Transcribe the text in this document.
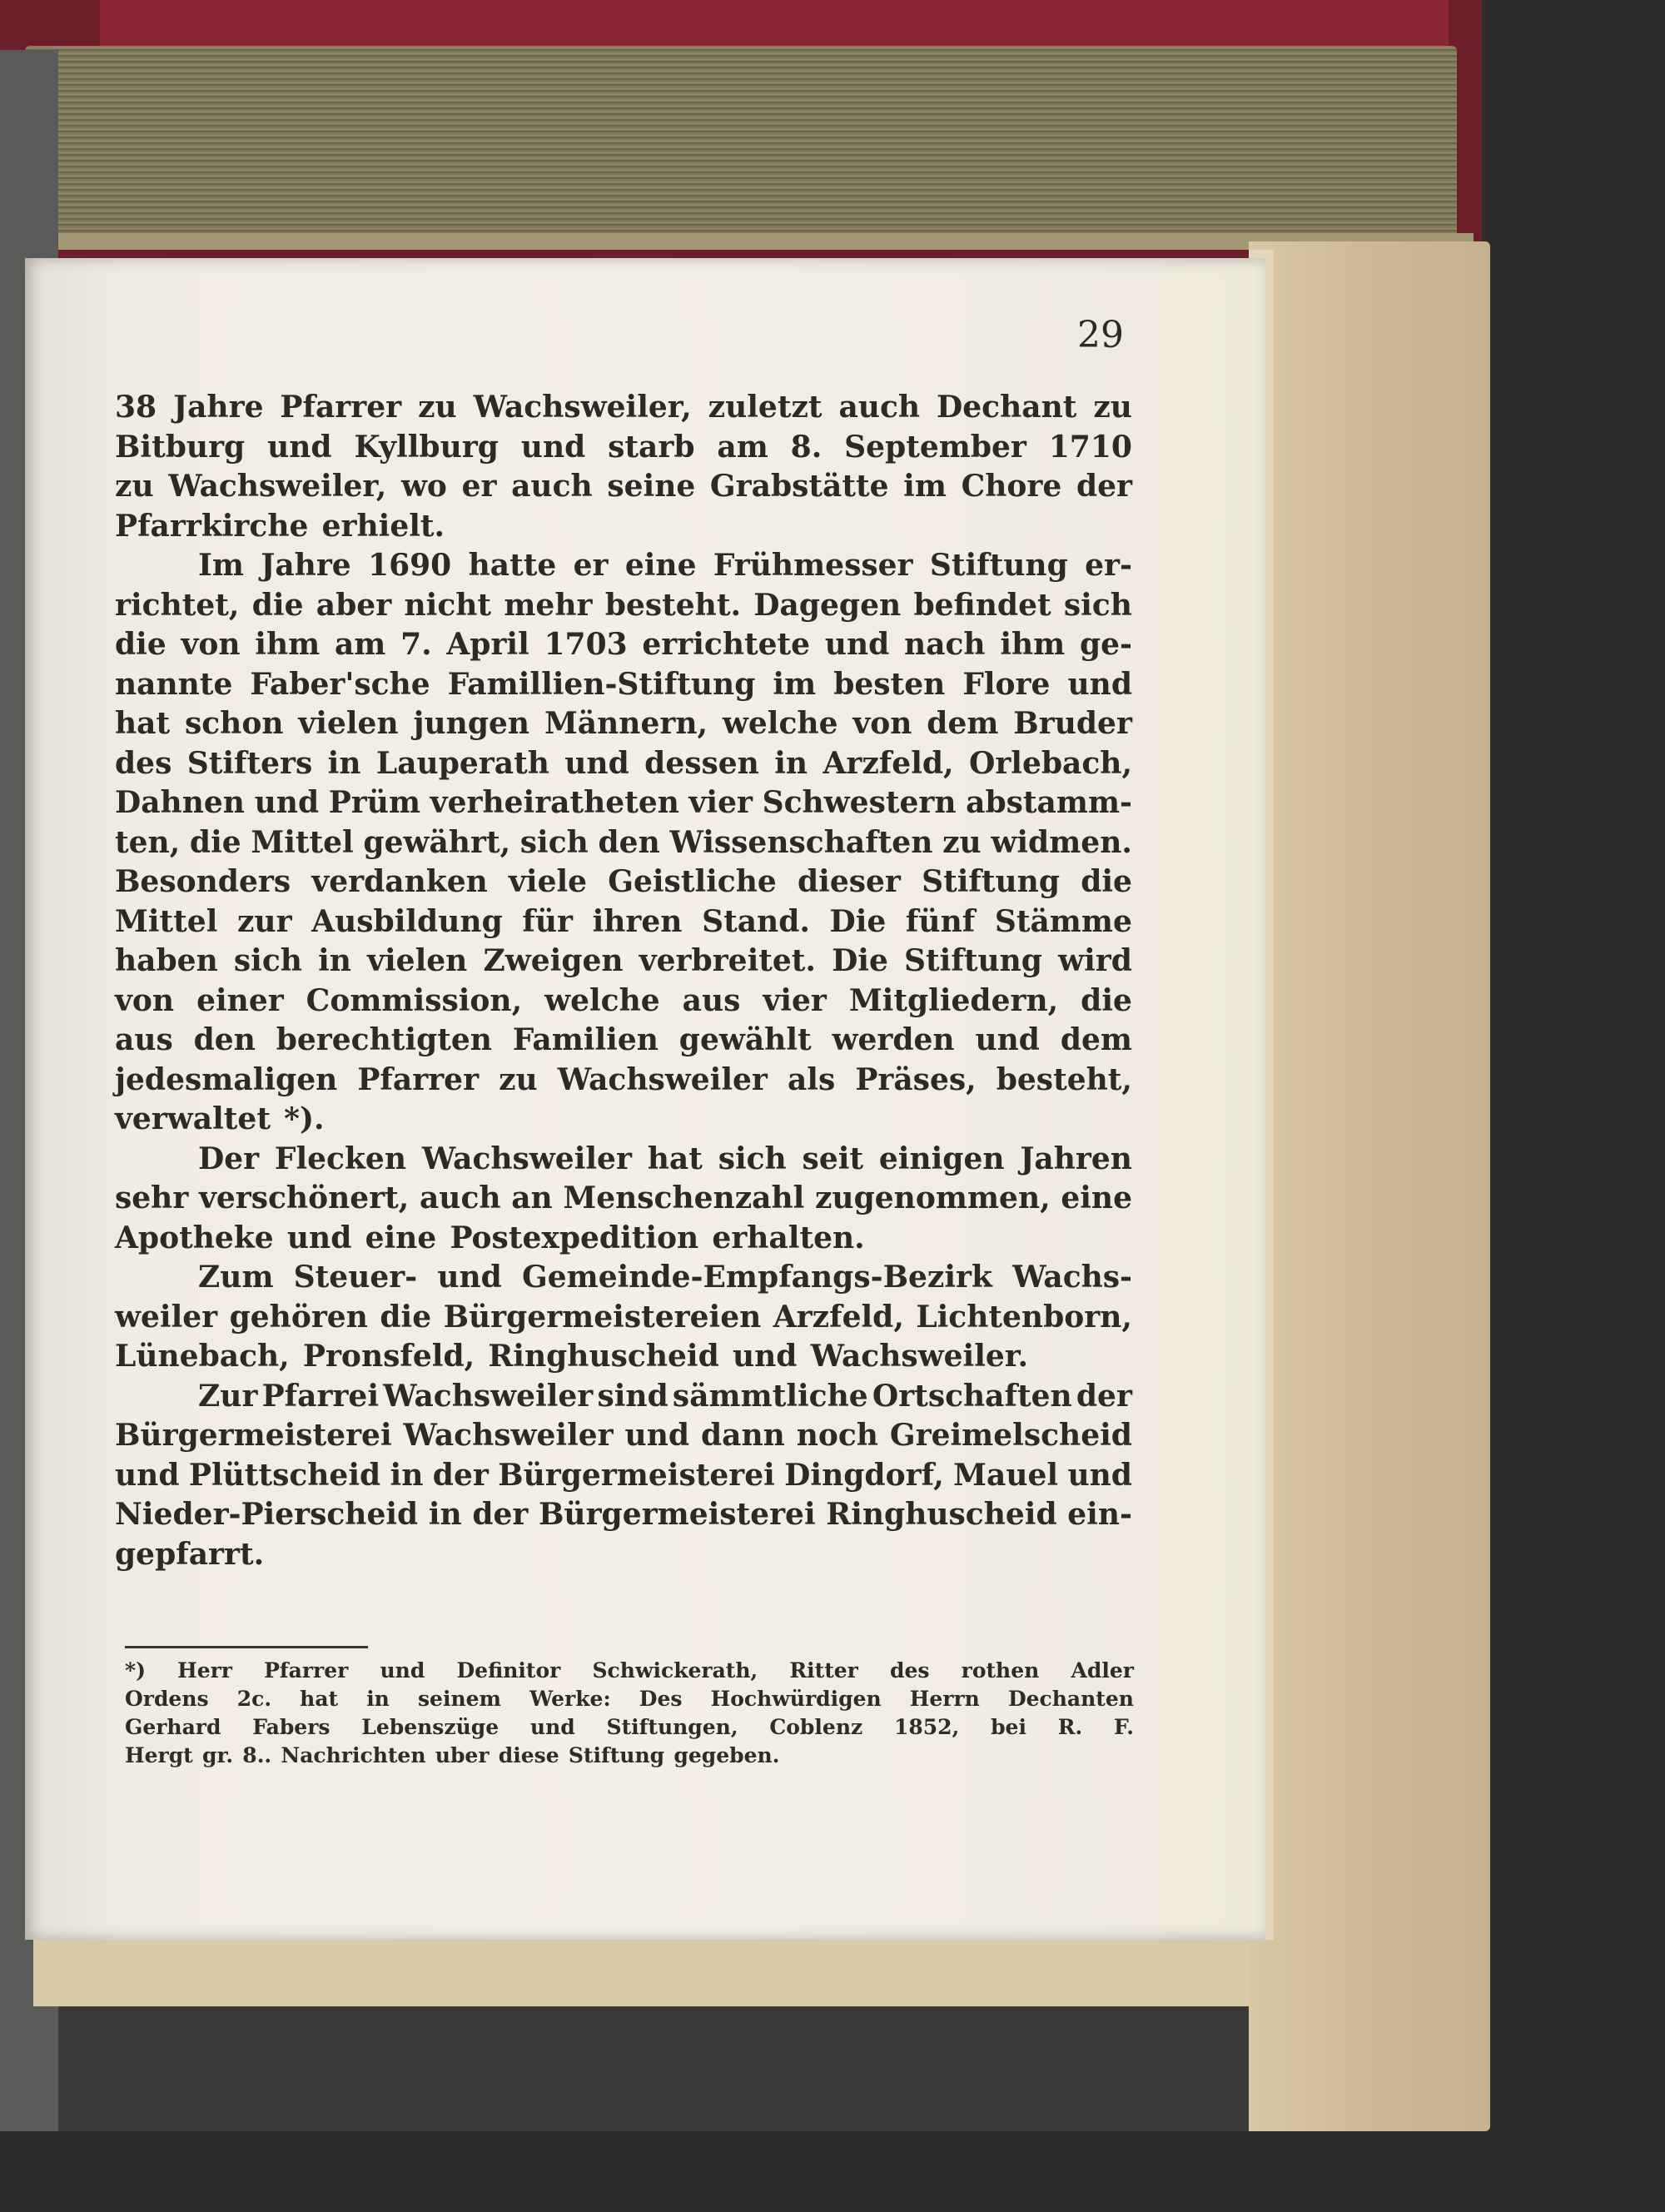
29
38 Jahre Pfarrer zu Wachsweiler, zuletzt auch Dechant zu
Bitburg und Kyllburg und starb am 8. September 1710
zu Wachsweiler, wo er auch seine Grabstätte im Chore der
Pfarrkirche erhielt.
Im Jahre 1690 hatte er eine Frühmesser Stiftung er-
richtet, die aber nicht mehr besteht. Dagegen befindet sich
die von ihm am 7. April 1703 errichtete und nach ihm ge-
nannte Faber'sche Famillien-Stiftung im besten Flore und
hat schon vielen jungen Männern, welche von dem Bruder
des Stifters in Lauperath und dessen in Arzfeld, Orlebach,
Dahnen und Prüm verheiratheten vier Schwestern abstamm-
ten, die Mittel gewährt, sich den Wissenschaften zu widmen.
Besonders verdanken viele Geistliche dieser Stiftung die
Mittel zur Ausbildung für ihren Stand. Die fünf Stämme
haben sich in vielen Zweigen verbreitet. Die Stiftung wird
von einer Commission, welche aus vier Mitgliedern, die
aus den berechtigten Familien gewählt werden und dem
jedesmaligen Pfarrer zu Wachsweiler als Präses, besteht,
verwaltet *).
Der Flecken Wachsweiler hat sich seit einigen Jahren
sehr verschönert, auch an Menschenzahl zugenommen, eine
Apotheke und eine Postexpedition erhalten.
Zum Steuer- und Gemeinde-Empfangs-Bezirk Wachs-
weiler gehören die Bürgermeistereien Arzfeld, Lichtenborn,
Lünebach, Pronsfeld, Ringhuscheid und Wachsweiler.
Zur Pfarrei Wachsweiler sind sämmtliche Ortschaften der
Bürgermeisterei Wachsweiler und dann noch Greimelscheid
und Plüttscheid in der Bürgermeisterei Dingdorf, Mauel und
Nieder-Pierscheid in der Bürgermeisterei Ringhuscheid ein-
gepfarrt.
*) Herr Pfarrer und Definitor Schwickerath, Ritter des rothen Adler
Ordens 2c. hat in seinem Werke: Des Hochwürdigen Herrn Dechanten
Gerhard Fabers Lebenszüge und Stiftungen, Coblenz 1852, bei R. F.
Hergt gr. 8.. Nachrichten uber diese Stiftung gegeben.
